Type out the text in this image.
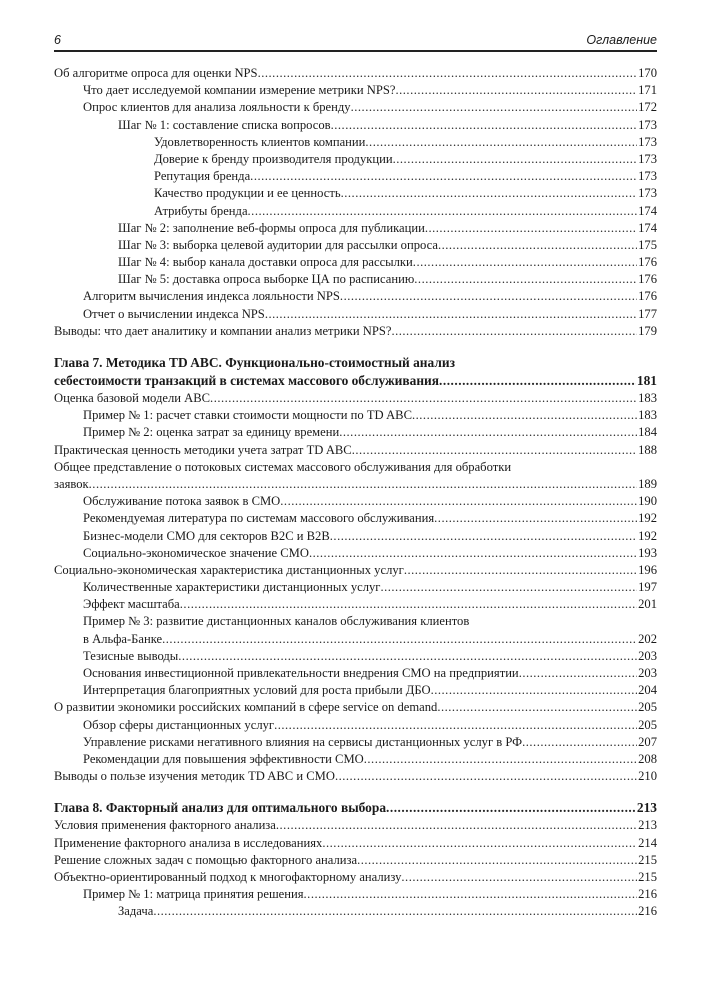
6	Оглавление
Об алгоритме опроса для оценки NPS .....	170
Что дает исследуемой компании измерение метрики NPS? .....	171
Опрос клиентов для анализа лояльности к бренду .....	172
Шаг № 1: составление списка вопросов .....	173
Удовлетворенность клиентов компании .....	173
Доверие к бренду производителя продукции .....	173
Репутация бренда .....	173
Качество продукции и ее ценность .....	173
Атрибуты бренда .....	174
Шаг № 2: заполнение веб-формы опроса для публикации .....	174
Шаг № 3: выборка целевой аудитории для рассылки опроса .....	175
Шаг № 4: выбор канала доставки опроса для рассылки .....	176
Шаг № 5: доставка опроса выборке ЦА по расписанию .....	176
Алгоритм вычисления индекса лояльности NPS .....	176
Отчет о вычислении индекса NPS .....	177
Выводы: что дает аналитику и компании анализ метрики NPS? .....	179
Глава 7. Методика TD ABC. Функционально-стоимостный анализ
себестоимости транзакций в системах массового обслуживания .....	181
Оценка базовой модели ABC .....	183
Пример № 1: расчет ставки стоимости мощности по TD ABC .....	183
Пример № 2: оценка затрат за единицу времени .....	184
Практическая ценность методики учета затрат TD ABC .....	188
Общее представление о потоковых системах массового обслуживания для обработки
заявок .....	189
Обслуживание потока заявок в СМО .....	190
Рекомендуемая литература по системам массового обслуживания .....	192
Бизнес-модели СМО для секторов B2C и B2B .....	192
Социально-экономическое значение СМО .....	193
Социально-экономическая характеристика дистанционных услуг .....	196
Количественные характеристики дистанционных услуг .....	197
Эффект масштаба .....	201
Пример № 3: развитие дистанционных каналов обслуживания клиентов
в Альфа-Банке .....	202
Тезисные выводы .....	203
Основания инвестиционной привлекательности внедрения СМО на предприятии .....	203
Интерпретация благоприятных условий для роста прибыли ДБО .....	204
О развитии экономики российских компаний в сфере service on demand .....	205
Обзор сферы дистанционных услуг .....	205
Управление рисками негативного влияния на сервисы дистанционных услуг в РФ .....	207
Рекомендации для повышения эффективности СМО .....	208
Выводы о пользе изучения методик TD ABC и СМО .....	210
Глава 8. Факторный анализ для оптимального выбора .....	213
Условия применения факторного анализа .....	213
Применение факторного анализа в исследованиях .....	214
Решение сложных задач с помощью факторного анализа .....	215
Объектно-ориентированный подход к многофакторному анализу .....	215
Пример № 1: матрица принятия решения .....	216
Задача .....	216
